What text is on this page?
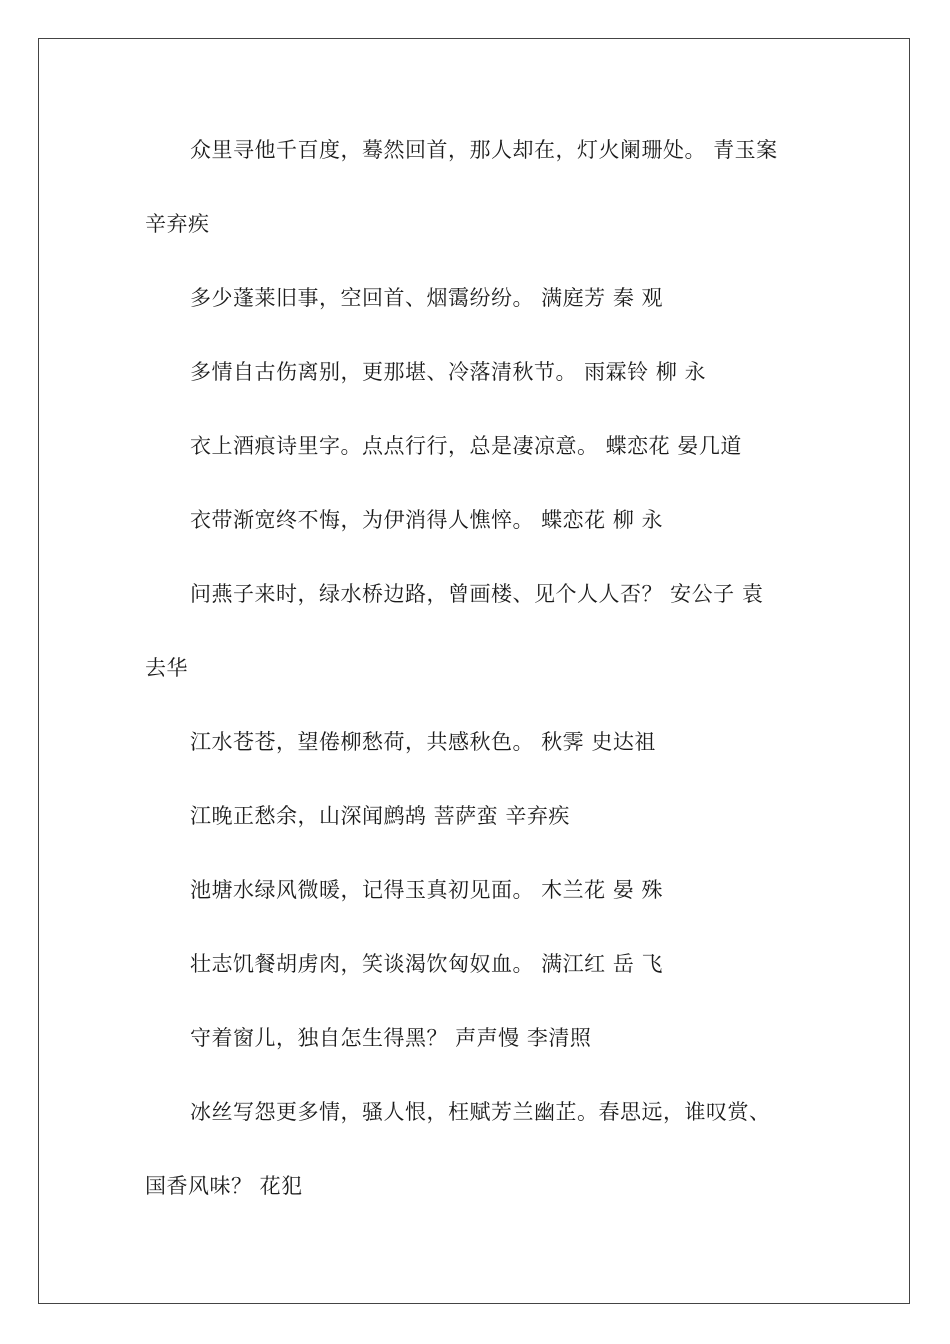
众里寻他千百度，蓦然回首，那人却在，灯火阑珊处。 青玉案
辛弃疾
多少蓬莱旧事，空回首、烟霭纷纷。 满庭芳 秦 观
多情自古伤离别，更那堪、冷落清秋节。 雨霖铃 柳 永
衣上酒痕诗里字。点点行行，总是凄凉意。 蝶恋花 晏几道
衣带渐宽终不悔，为伊消得人憔悴。 蝶恋花 柳 永
问燕子来时，绿水桥边路，曾画楼、见个人人否？ 安公子 袁
去华
江水苍苍，望倦柳愁荷，共感秋色。 秋霁 史达祖
江晚正愁余，山深闻鹧鸪 菩萨蛮 辛弃疾
池塘水绿风微暖，记得玉真初见面。 木兰花 晏 殊
壮志饥餐胡虏肉，笑谈渴饮匈奴血。 满江红 岳 飞
守着窗儿，独自怎生得黑？ 声声慢 李清照
冰丝写怨更多情，骚人恨，枉赋芳兰幽芷。春思远，谁叹赏、
国香风味？ 花犯
